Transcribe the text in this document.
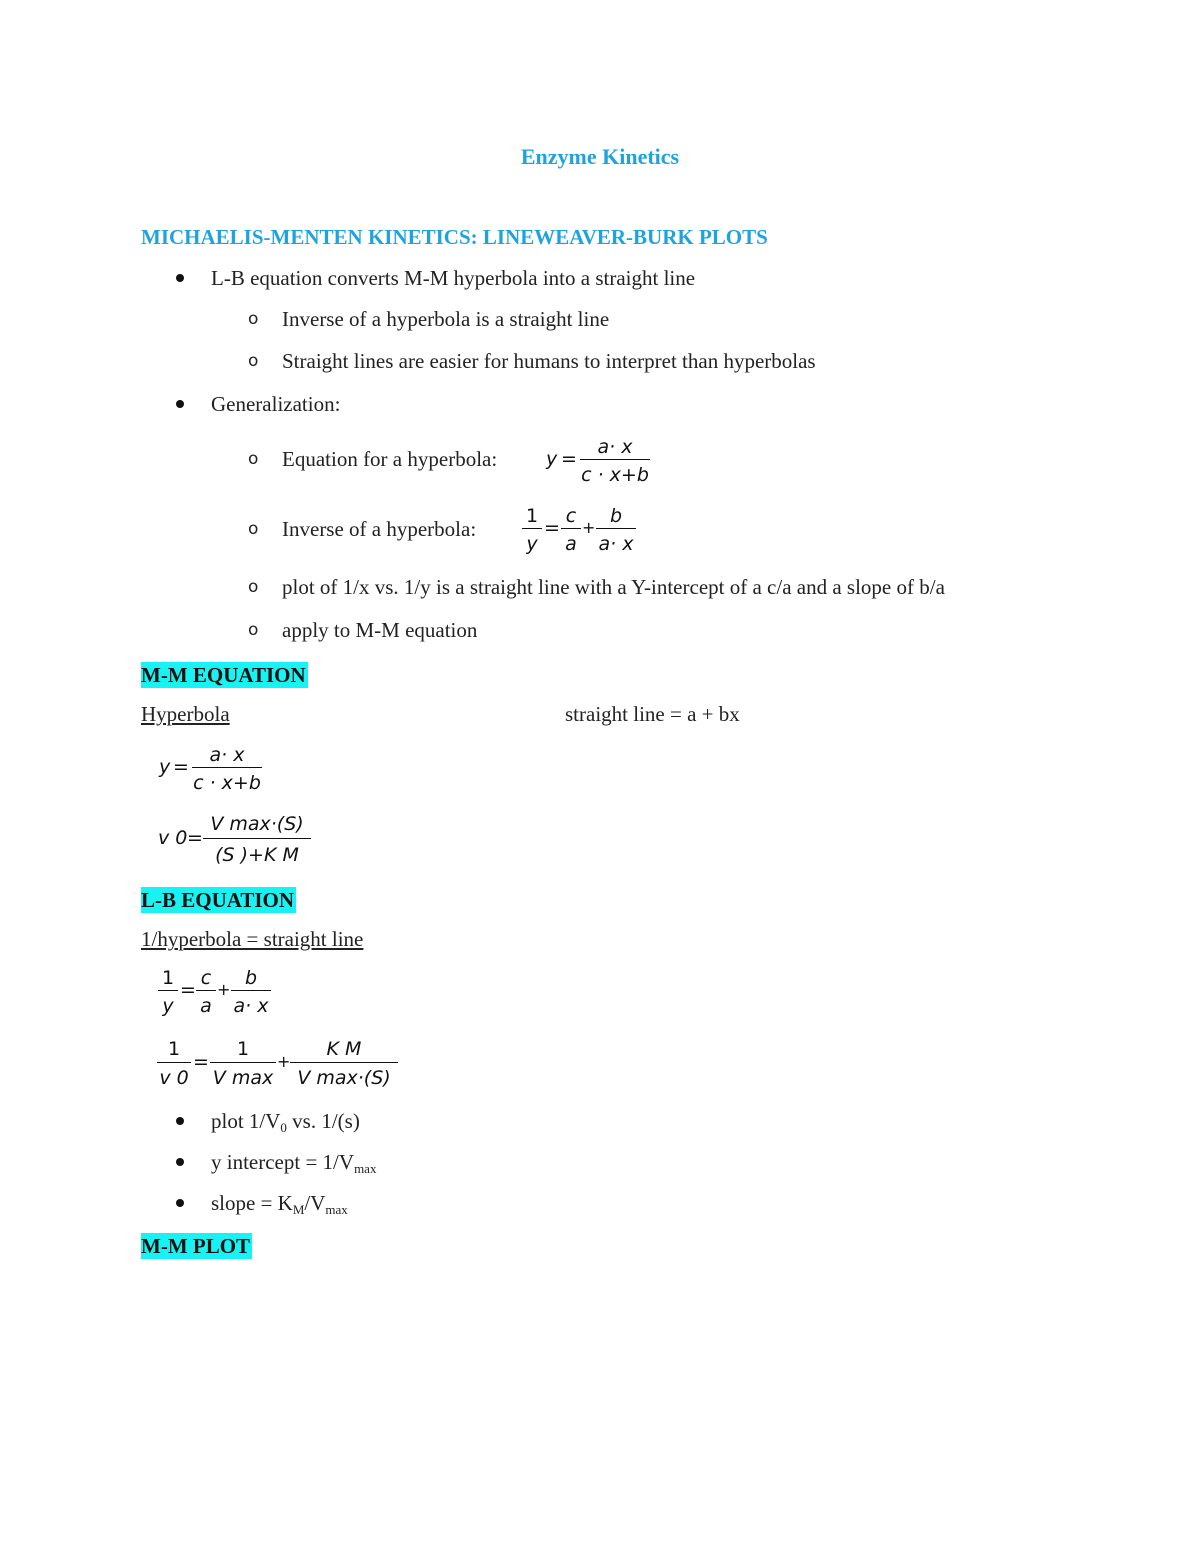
Enzyme Kinetics
MICHAELIS-MENTEN KINETICS: LINEWEAVER-BURK PLOTS
L-B equation converts M-M hyperbola into a straight line
o Inverse of a hyperbola is a straight line
o Straight lines are easier for humans to interpret than hyperbolas
Generalization:
o Equation for a hyperbola:	y =
a· x
c · x+b
o Inverse of a hyperbola:
1
y
=
c
a
+
b
a· x
o plot of 1/x vs. 1/y is a straight line with a Y-intercept of a c/a and a slope of b/a
o apply to M-M equation
M-M EQUATION
Hyperbola	straight line = a + bx
y =
a· x
c · x+b
v 0 =
V max·(S)
(S )+K M
L-B EQUATION
1/hyperbola = straight line
1
y
=
c
a
+
b
a· x
1
v 0
=
1
V max
+
K M
V max·(S)
plot $1/V_0$ vs. 1/(s)
y intercept = $1/V_{max}$
slope = $K_M/V_{max}$
M-M PLOT
